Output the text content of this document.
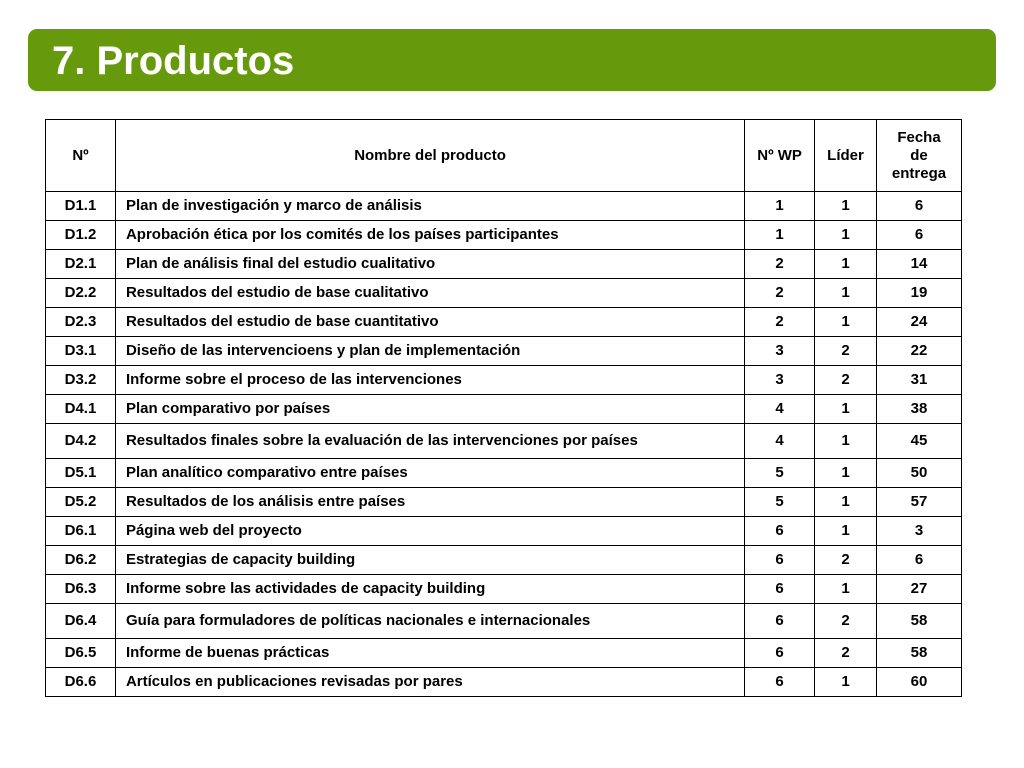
7. Productos
Nº	Nombre del producto	Nº WP	Líder	Fecha
de
entrega

D1.1	Plan de investigación y marco de análisis	1	1	6
D1.2	Aprobación ética por los comités de los países participantes	1	1	6
D2.1	Plan de análisis final del estudio cualitativo	2	1	14
D2.2	Resultados del estudio de base cualitativo	2	1	19
D2.3	Resultados del estudio de base cuantitativo	2	1	24
D3.1	Diseño de las intervencioens y plan de implementación	3	2	22
D3.2	Informe sobre el proceso de las intervenciones	3	2	31
D4.1	Plan comparativo por países	4	1	38
D4.2	Resultados finales sobre la evaluación de las intervenciones por países	4	1	45
D5.1	Plan analítico comparativo entre países	5	1	50
D5.2	Resultados de los análisis entre países	5	1	57
D6.1	Página web del proyecto	6	1	3
D6.2	Estrategias de capacity building	6	2	6
D6.3	Informe sobre las actividades de capacity building	6	1	27
D6.4	Guía para formuladores de políticas nacionales e internacionales	6	2	58
D6.5	Informe de buenas prácticas	6	2	58
D6.6	Artículos en publicaciones revisadas por pares	6	1	60
